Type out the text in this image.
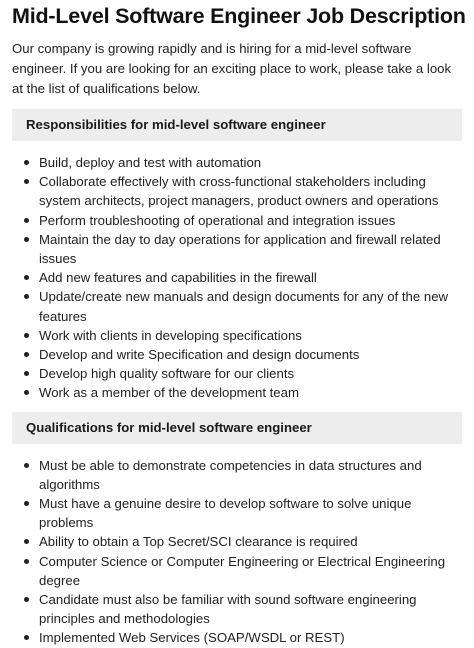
Mid-Level Software Engineer Job Description

Our company is growing rapidly and is hiring for a mid-level software engineer. If you are looking for an exciting place to work, please take a look at the list of qualifications below.

Responsibilities for mid-level software engineer
Build, deploy and test with automation
Collaborate effectively with cross-functional stakeholders including system architects, project managers, product owners and operations
Perform troubleshooting of operational and integration issues
Maintain the day to day operations for application and firewall related issues
Add new features and capabilities in the firewall
Update/create new manuals and design documents for any of the new features
Work with clients in developing specifications
Develop and write Specification and design documents
Develop high quality software for our clients
Work as a member of the development team
Qualifications for mid-level software engineer
Must be able to demonstrate competencies in data structures and algorithms
Must have a genuine desire to develop software to solve unique problems
Ability to obtain a Top Secret/SCI clearance is required
Computer Science or Computer Engineering or Electrical Engineering degree
Candidate must also be familiar with sound software engineering principles and methodologies
Implemented Web Services (SOAP/WSDL or REST)
